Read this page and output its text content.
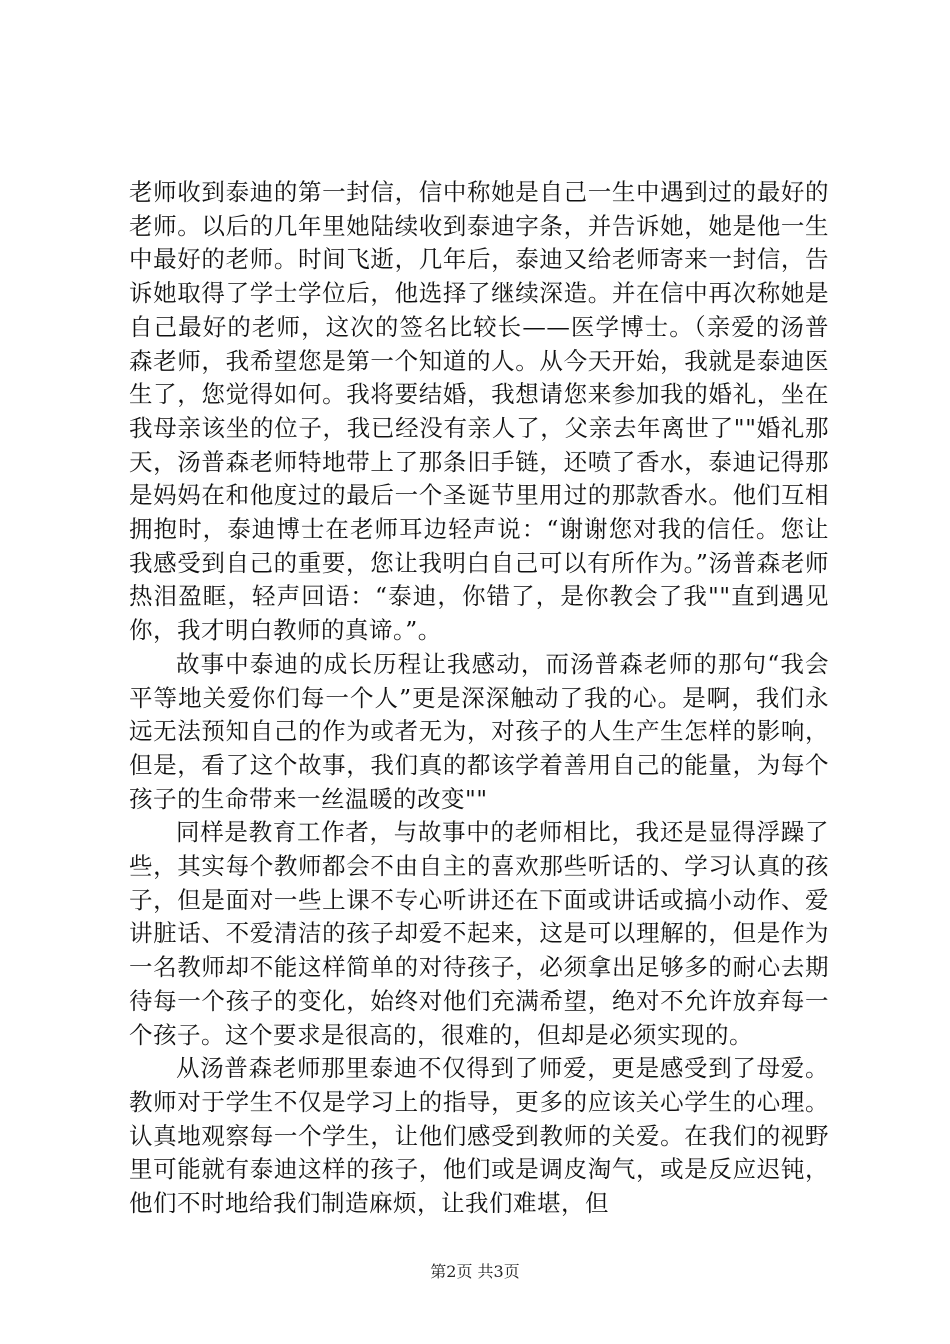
老师收到泰迪的第一封信，信中称她是自己一生中遇到过的最好的老师。以后的几年里她陆续收到泰迪字条，并告诉她，她是他一生中最好的老师。时间飞逝，几年后，泰迪又给老师寄来一封信，告诉她取得了学士学位后，他选择了继续深造。并在信中再次称她是自己最好的老师，这次的签名比较长——医学博士。（亲爱的汤普森老师，我希望您是第一个知道的人。从今天开始，我就是泰迪医生了，您觉得如何。我将要结婚，我想请您来参加我的婚礼，坐在我母亲该坐的位子，我已经没有亲人了，父亲去年离世了""婚礼那天，汤普森老师特地带上了那条旧手链，还喷了香水，泰迪记得那是妈妈在和他度过的最后一个圣诞节里用过的那款香水。他们互相拥抱时，泰迪博士在老师耳边轻声说：“谢谢您对我的信任。您让我感受到自己的重要，您让我明白自己可以有所作为。”汤普森老师热泪盈眶，轻声回语：“泰迪，你错了，是你教会了我""直到遇见你，我才明白教师的真谛。”。

故事中泰迪的成长历程让我感动，而汤普森老师的那句“我会平等地关爱你们每一个人”更是深深触动了我的心。是啊，我们永远无法预知自己的作为或者无为，对孩子的人生产生怎样的影响，但是，看了这个故事，我们真的都该学着善用自己的能量，为每个孩子的生命带来一丝温暖的改变""

同样是教育工作者，与故事中的老师相比，我还是显得浮躁了些，其实每个教师都会不由自主的喜欢那些听话的、学习认真的孩子，但是面对一些上课不专心听讲还在下面或讲话或搞小动作、爱讲脏话、不爱清洁的孩子却爱不起来，这是可以理解的，但是作为一名教师却不能这样简单的对待孩子，必须拿出足够多的耐心去期待每一个孩子的变化，始终对他们充满希望，绝对不允许放弃每一个孩子。这个要求是很高的，很难的，但却是必须实现的。

从汤普森老师那里泰迪不仅得到了师爱，更是感受到了母爱。教师对于学生不仅是学习上的指导，更多的应该关心学生的心理。认真地观察每一个学生，让他们感受到教师的关爱。在我们的视野里可能就有泰迪这样的孩子，他们或是调皮淘气，或是反应迟钝，他们不时地给我们制造麻烦，让我们难堪，但

第2页 共3页
